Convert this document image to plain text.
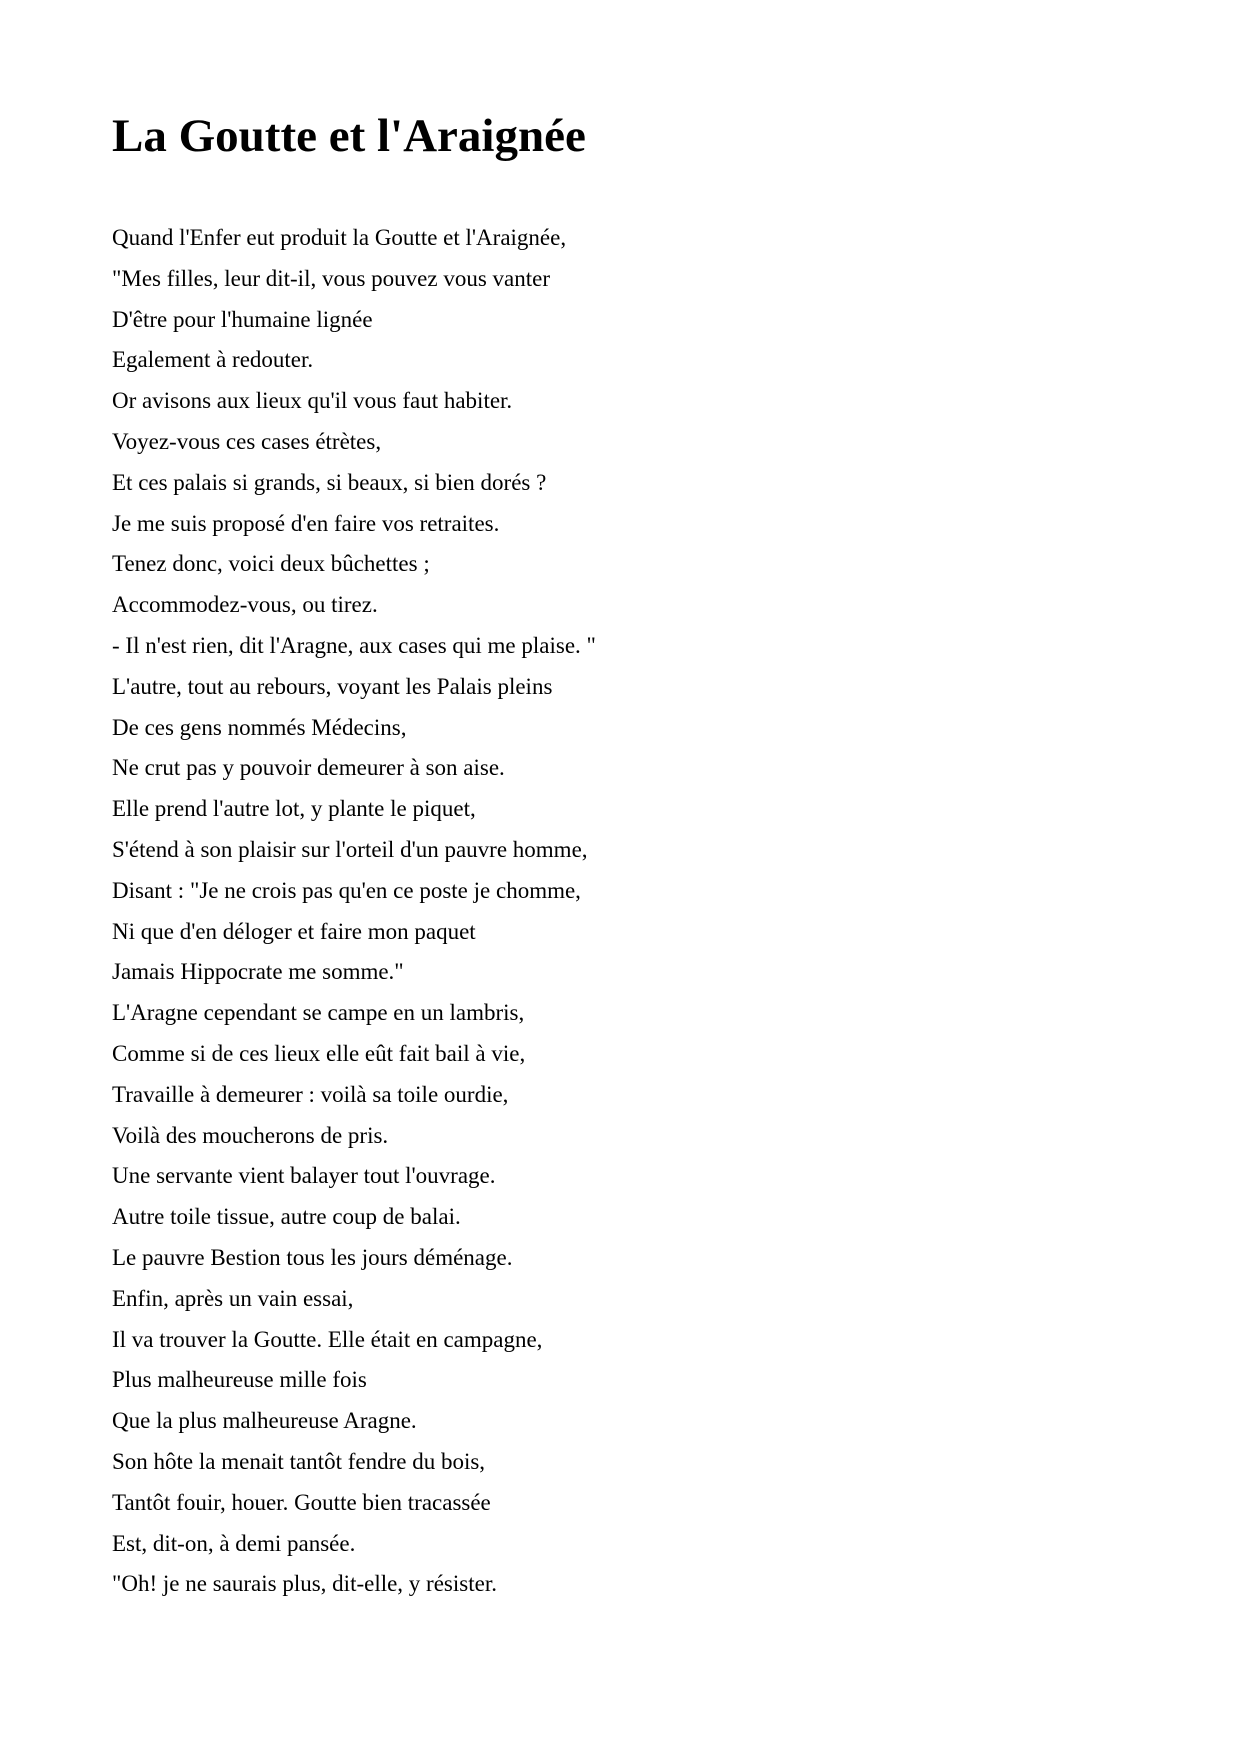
La Goutte et l'Araignée
Quand l'Enfer eut produit la Goutte et l'Araignée,
"Mes filles, leur dit-il, vous pouvez vous vanter
D'être pour l'humaine lignée
Egalement à redouter.
Or avisons aux lieux qu'il vous faut habiter.
Voyez-vous ces cases étrètes,
Et ces palais si grands, si beaux, si bien dorés ?
Je me suis proposé d'en faire vos retraites.
Tenez donc, voici deux bûchettes ;
Accommodez-vous, ou tirez.
- Il n'est rien, dit l'Aragne, aux cases qui me plaise. "
L'autre, tout au rebours, voyant les Palais pleins
De ces gens nommés Médecins,
Ne crut pas y pouvoir demeurer à son aise.
Elle prend l'autre lot, y plante le piquet,
S'étend à son plaisir sur l'orteil d'un pauvre homme,
Disant : "Je ne crois pas qu'en ce poste je chomme,
Ni que d'en déloger et faire mon paquet
Jamais Hippocrate me somme."
L'Aragne cependant se campe en un lambris,
Comme si de ces lieux elle eût fait bail à vie,
Travaille à demeurer : voilà sa toile ourdie,
Voilà des moucherons de pris.
Une servante vient balayer tout l'ouvrage.
Autre toile tissue, autre coup de balai.
Le pauvre Bestion tous les jours déménage.
Enfin, après un vain essai,
Il va trouver la Goutte. Elle était en campagne,
Plus malheureuse mille fois
Que la plus malheureuse Aragne.
Son hôte la menait tantôt fendre du bois,
Tantôt fouir, houer. Goutte bien tracassée
Est, dit-on, à demi pansée.
"Oh! je ne saurais plus, dit-elle, y résister.
